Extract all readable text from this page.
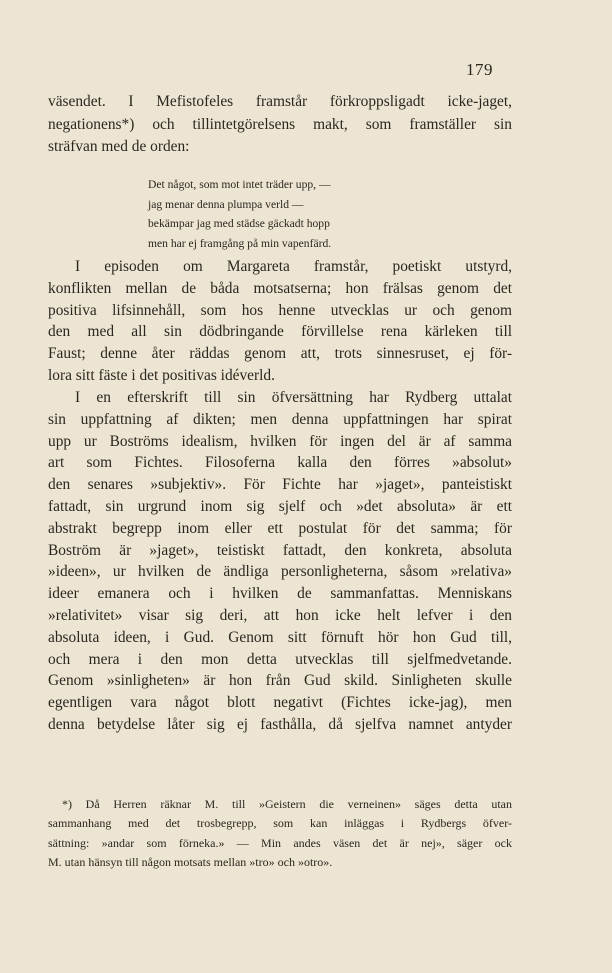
179
väsendet. I Mefistofeles framstår förkroppsligadt icke-jaget,
negationens*) och tillintetgörelsens makt, som framställer sin
sträfvan med de orden:
Det något, som mot intet träder upp, —
jag menar denna plumpa verld —
bekämpar jag med städse gäckadt hopp
men har ej framgång på min vapenfärd.
I episoden om Margareta framstår, poetiskt utstyrd,
konflikten mellan de båda motsatserna; hon frälsas genom det
positiva lifsinnehåll, som hos henne utvecklas ur och genom
den med all sin dödbringande förvillelse rena kärleken till
Faust; denne åter räddas genom att, trots sinnesruset, ej för-
lora sitt fäste i det positivas idéverld.
I en efterskrift till sin öfversättning har Rydberg uttalat
sin uppfattning af dikten; men denna uppfattningen har spirat
upp ur Boströms idealism, hvilken för ingen del är af samma
art som Fichtes. Filosoferna kalla den förres »absolut»
den senares »subjektiv». För Fichte har »jaget», panteistiskt
fattadt, sin urgrund inom sig sjelf och »det absoluta» är ett
abstrakt begrepp inom eller ett postulat för det samma; för
Boström är »jaget», teistiskt fattadt, den konkreta, absoluta
»ideen», ur hvilken de ändliga personligheterna, såsom »relativa»
ideer emanera och i hvilken de sammanfattas. Menniskans
»relativitet» visar sig deri, att hon icke helt lefver i den
absoluta ideen, i Gud. Genom sitt förnuft hör hon Gud till,
och mera i den mon detta utvecklas till sjelfmedvetande.
Genom »sinligheten» är hon från Gud skild. Sinligheten skulle
egentligen vara något blott negativt (Fichtes icke-jag), men
denna betydelse låter sig ej fasthålla, då sjelfva namnet antyder
*) Då Herren räknar M. till »Geistern die verneinen» säges detta utan
sammanhang med det trosbegrepp, som kan inläggas i Rydbergs öfver-
sättning: »andar som förneka.» — Min andes väsen det är nej», säger ock
M. utan hänsyn till någon motsats mellan »tro» och »otro».
